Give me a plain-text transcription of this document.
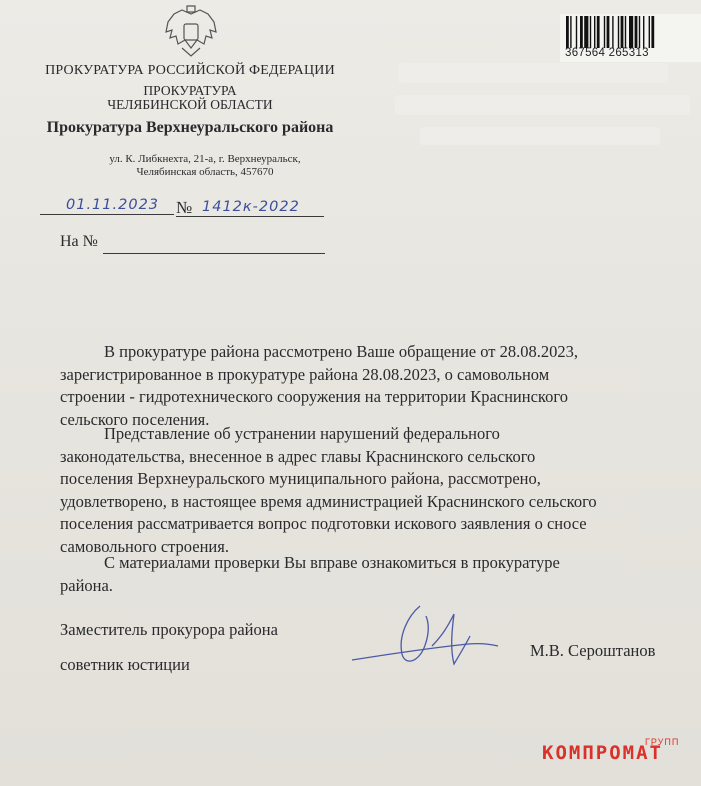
ПРОКУРАТУРА РОССИЙСКОЙ ФЕДЕРАЦИИ
ПРОКУРАТУРА
ЧЕЛЯБИНСКОЙ ОБЛАСТИ
Прокуратура Верхнеуральского района
ул. К. Либкнехта, 21-а, г. Верхнеуральск,
Челябинская область, 457670
367564 265313
01.11.2023 № 1412к-2022
На №
В прокуратуре района рассмотрено Ваше обращение от 28.08.2023,
зарегистрированное в прокуратуре района 28.08.2023, о самовольном
строении - гидротехнического сооружения на территории Краснинского
сельского поселения.
Представление об устранении нарушений федерального
законодательства, внесенное в адрес главы Краснинского сельского
поселения Верхнеуральского муниципального района, рассмотрено,
удовлетворено, в настоящее время администрацией Краснинского сельского
поселения рассматривается вопрос подготовки искового заявления о сносе
самовольного строения.
С материалами проверки Вы вправе ознакомиться в прокуратуре
района.
Заместитель прокурора района
советник юстиции
М.В. Сероштанов
ГРУПП
КОМПРОМАТ
